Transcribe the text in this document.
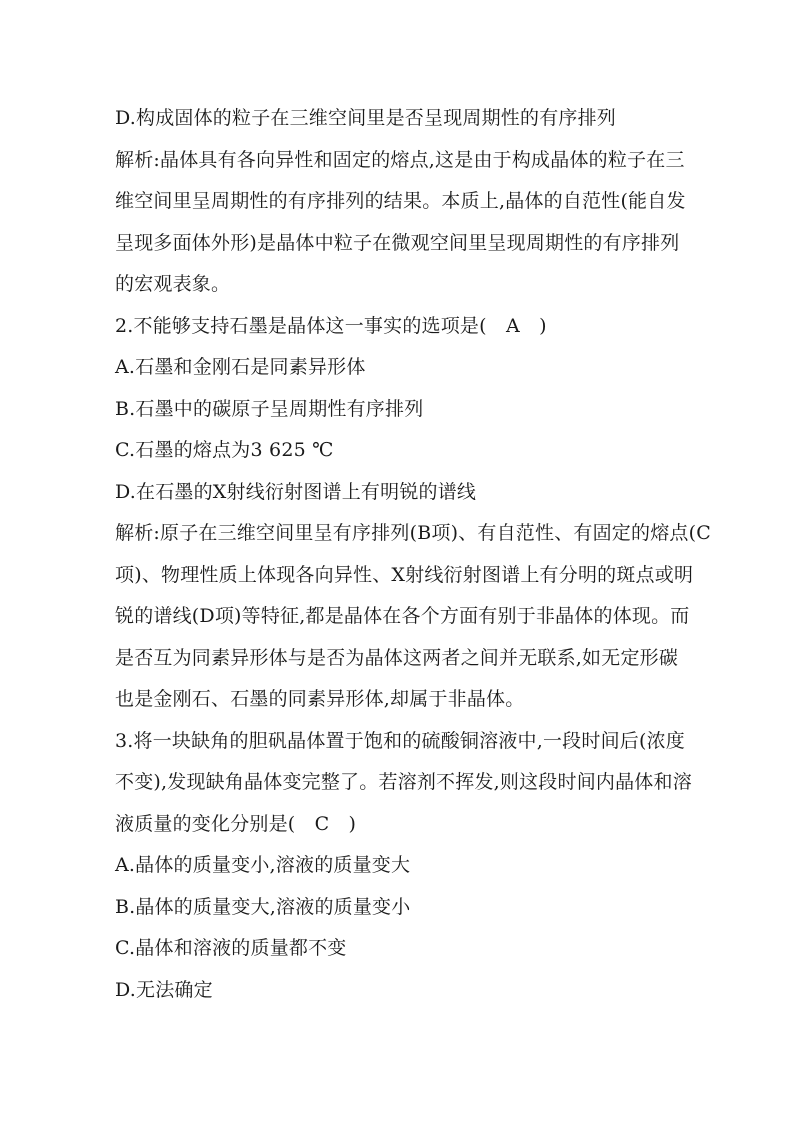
D.构成固体的粒子在三维空间里是否呈现周期性的有序排列
解析:晶体具有各向异性和固定的熔点,这是由于构成晶体的粒子在三
维空间里呈周期性的有序排列的结果。本质上,晶体的自范性(能自发
呈现多面体外形)是晶体中粒子在微观空间里呈现周期性的有序排列
的宏观表象。
2.不能够支持石墨是晶体这一事实的选项是(　A　)
A.石墨和金刚石是同素异形体
B.石墨中的碳原子呈周期性有序排列
C.石墨的熔点为3 625 ℃
D.在石墨的X射线衍射图谱上有明锐的谱线
解析:原子在三维空间里呈有序排列(B项)、有自范性、有固定的熔点(C
项)、物理性质上体现各向异性、X射线衍射图谱上有分明的斑点或明
锐的谱线(D项)等特征,都是晶体在各个方面有别于非晶体的体现。而
是否互为同素异形体与是否为晶体这两者之间并无联系,如无定形碳
也是金刚石、石墨的同素异形体,却属于非晶体。
3.将一块缺角的胆矾晶体置于饱和的硫酸铜溶液中,一段时间后(浓度
不变),发现缺角晶体变完整了。若溶剂不挥发,则这段时间内晶体和溶
液质量的变化分别是(　C　)
A.晶体的质量变小,溶液的质量变大
B.晶体的质量变大,溶液的质量变小
C.晶体和溶液的质量都不变
D.无法确定
